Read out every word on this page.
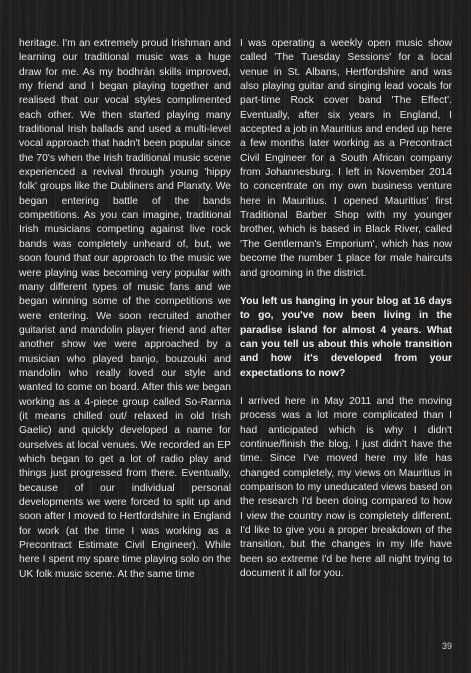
heritage. I'm an extremely proud Irishman and learning our traditional music was a huge draw for me. As my bodhrán skills improved, my friend and I began playing together and realised that our vocal styles complimented each other. We then started playing many traditional Irish ballads and used a multi-level vocal approach that hadn't been popular since the 70's when the Irish traditional music scene experienced a revival through young 'hippy folk' groups like the Dubliners and Planxty. We began entering battle of the bands competitions. As you can imagine, traditional Irish musicians competing against live rock bands was completely unheard of, but, we soon found that our approach to the music we were playing was becoming very popular with many different types of music fans and we began winning some of the competitions we were entering. We soon recruited another guitarist and mandolin player friend and after another show we were approached by a musician who played banjo, bouzouki and mandolin who really loved our style and wanted to come on board. After this we began working as a 4-piece group called So-Ranna (it means chilled out/ relaxed in old Irish Gaelic) and quickly developed a name for ourselves at local venues. We recorded an EP which began to get a lot of radio play and things just progressed from there. Eventually, because of our individual personal developments we were forced to split up and soon after I moved to Hertfordshire in England for work (at the time I was working as a Precontract Estimate Civil Engineer). While here I spent my spare time playing solo on the UK folk music scene. At the same time

I was operating a weekly open music show called 'The Tuesday Sessions' for a local venue in St. Albans, Hertfordshire and was also playing guitar and singing lead vocals for part-time Rock cover band 'The Effect'. Eventually, after six years in England, I accepted a job in Mauritius and ended up here a few months later working as a Precontract Civil Engineer for a South African company from Johannesburg. I left in November 2014 to concentrate on my own business venture here in Mauritius. I opened Mauritius' first Traditional Barber Shop with my younger brother, which is based in Black River, called 'The Gentleman's Emporium', which has now become the number 1 place for male haircuts and grooming in the district.

You left us hanging in your blog at 16 days to go, you've now been living in the paradise island for almost 4 years. What can you tell us about this whole transition and how it's developed from your expectations to now?

I arrived here in May 2011 and the moving process was a lot more complicated than I had anticipated which is why I didn't continue/finish the blog, I just didn't have the time. Since I've moved here my life has changed completely, my views on Mauritius in comparison to my uneducated views based on the research I'd been doing compared to how I view the country now is completely different. I'd like to give you a proper breakdown of the transition, but the changes in my life have been so extreme I'd be here all night trying to document it all for you.

39
